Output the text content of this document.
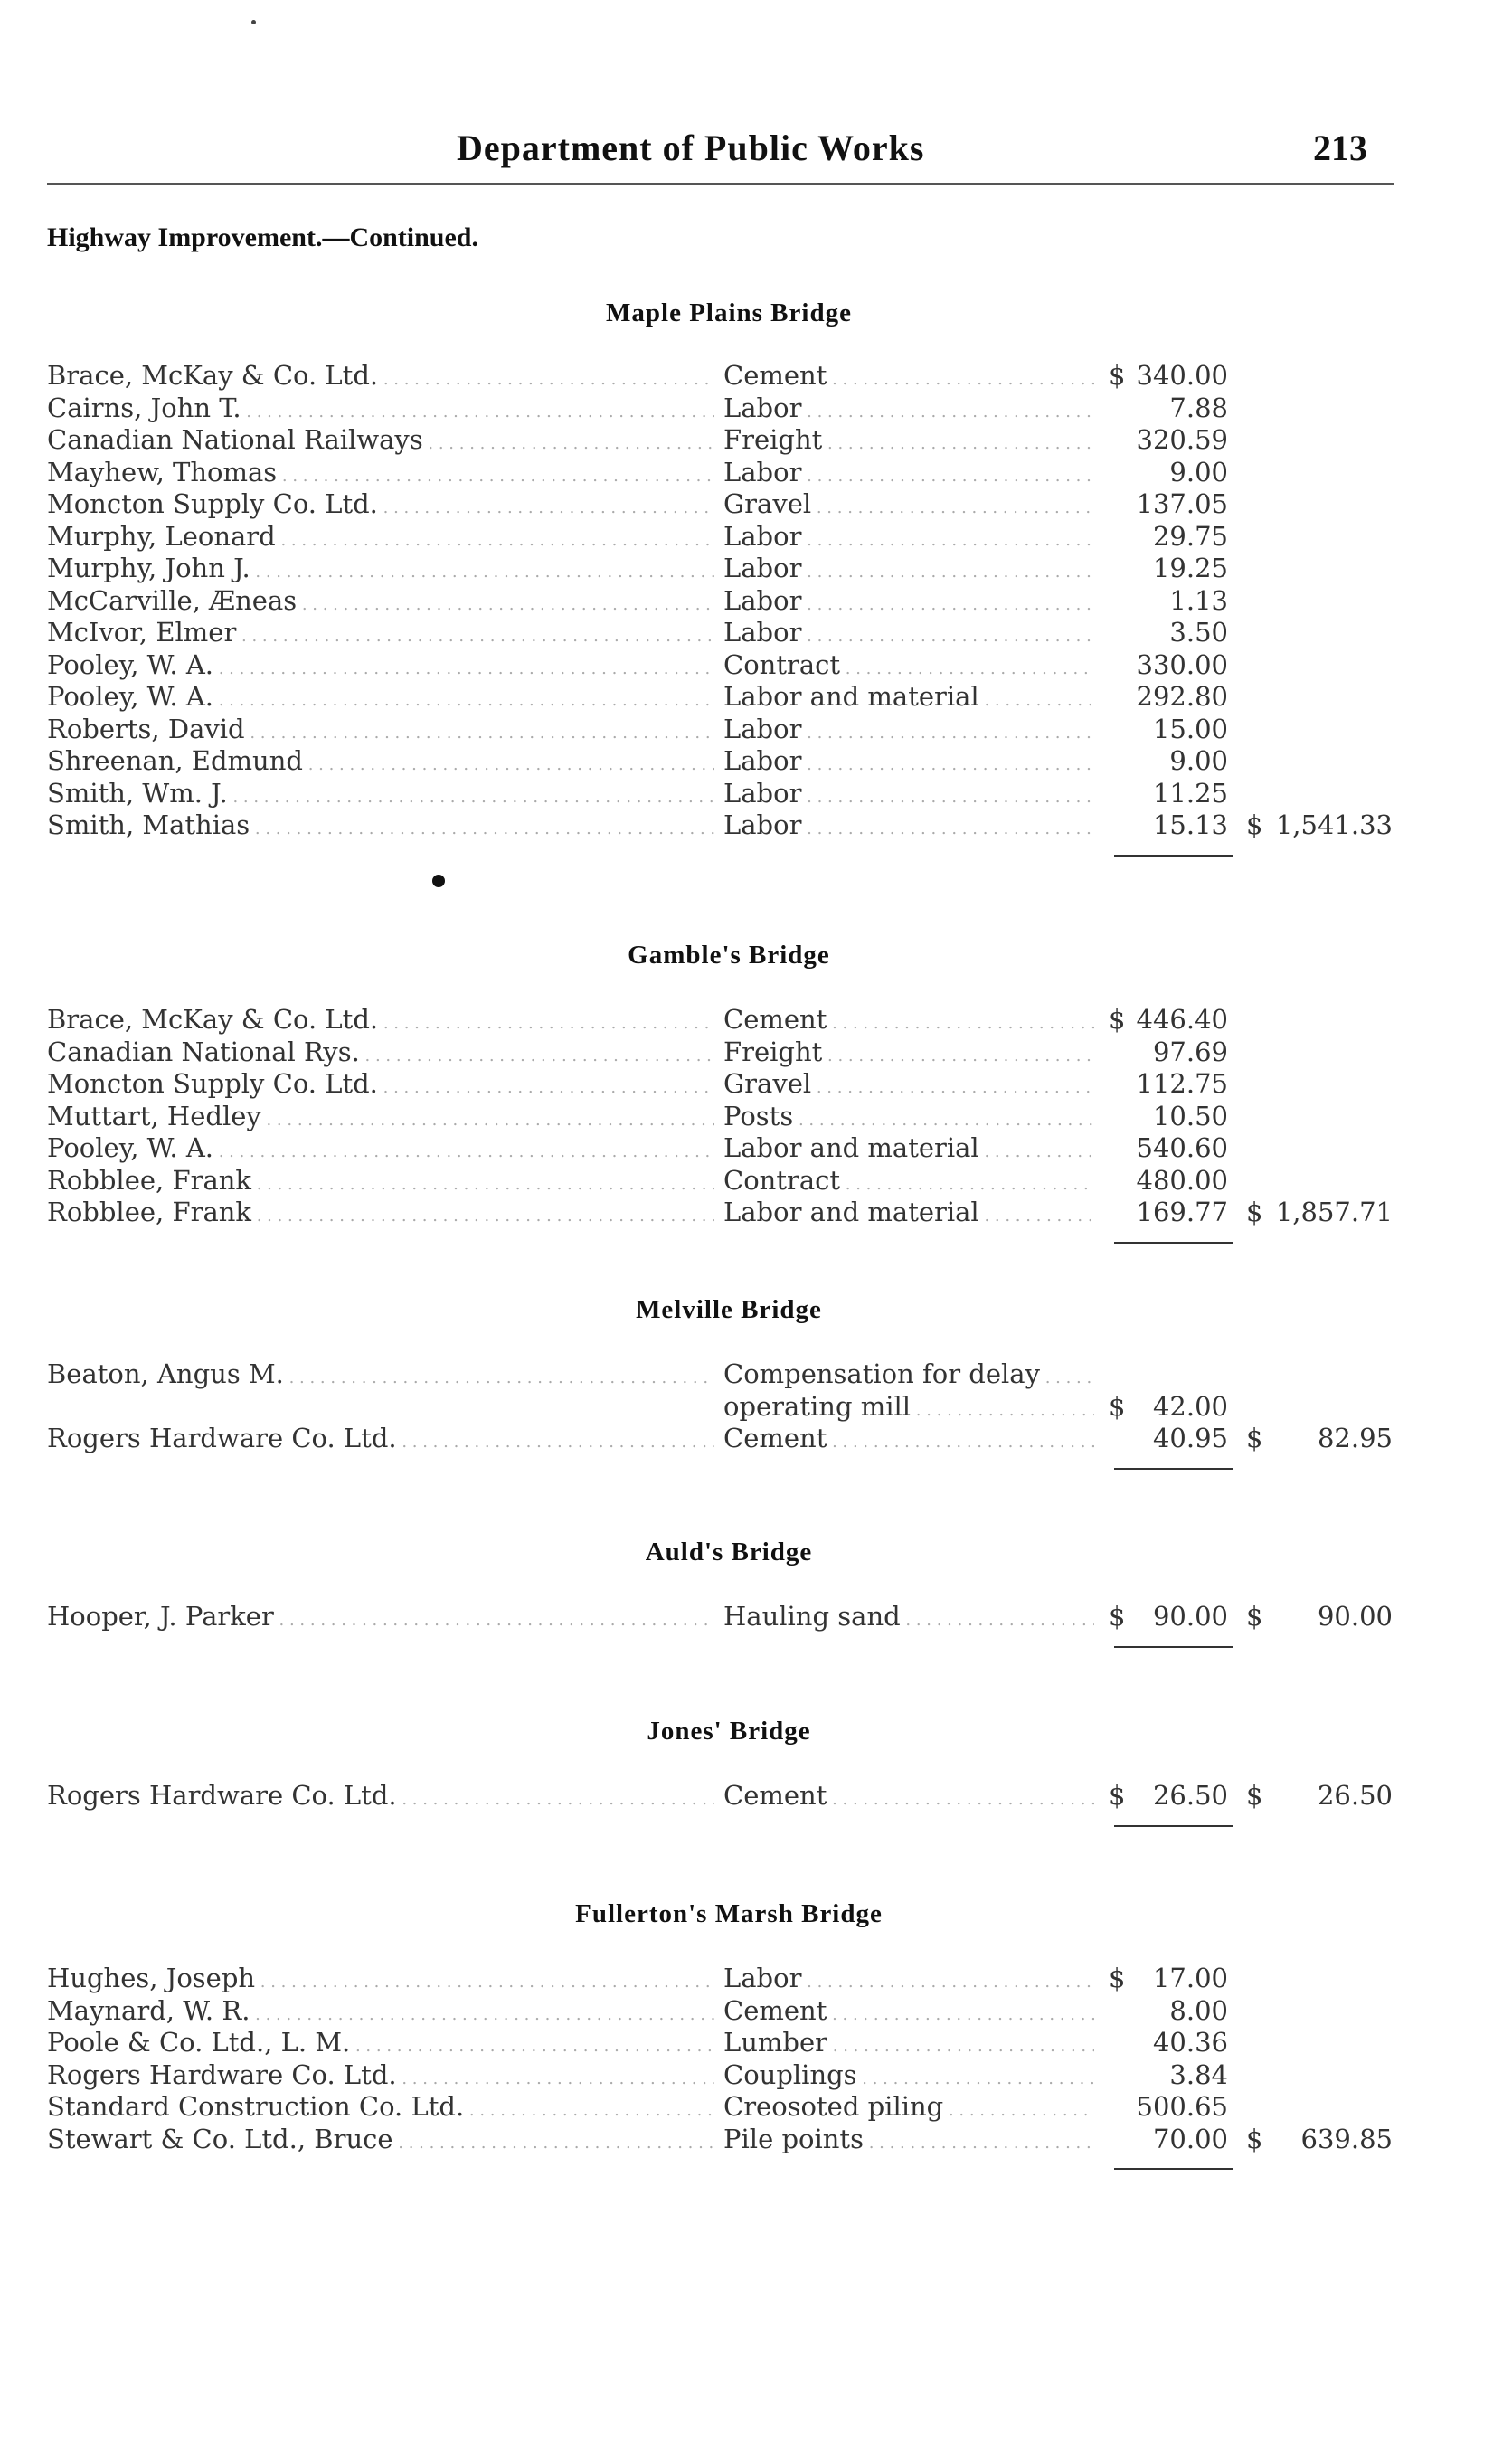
Department of Public Works	213
Highway Improvement.—Continued.
Maple Plains Bridge
Brace, McKay & Co. Ltd. . . .	Cement . . .	$ 340.00
Cairns, John T. . . .	Labor . . .	7.88
Canadian National Railways . . .	Freight . . .	320.59
Mayhew, Thomas . . .	Labor . . .	9.00
Moncton Supply Co. Ltd. . . .	Gravel . . .	137.05
Murphy, Leonard . . .	Labor . . .	29.75
Murphy, John J. . . .	Labor . . .	19.25
McCarville, Æneas . . .	Labor . . .	1.13
McIvor, Elmer . . .	Labor . . .	3.50
Pooley, W. A. . . .	Contract . . .	330.00
Pooley, W. A. . . .	Labor and material . . .	292.80
Roberts, David . . .	Labor . . .	15.00
Shreenan, Edmund . . .	Labor . . .	9.00
Smith, Wm. J. . . .	Labor . . .	11.25
Smith, Mathias . . .	Labor . . .	15.13 $ 1,541.33
Gamble's Bridge
Brace, McKay & Co. Ltd. . . .	Cement . . .	$ 446.40
Canadian National Rys. . . .	Freight . . .	97.69
Moncton Supply Co. Ltd. . . .	Gravel . . .	112.75
Muttart, Hedley . . .	Posts . . .	10.50
Pooley, W. A. . . .	Labor and material . . .	540.60
Robblee, Frank . . .	Contract . . .	480.00
Robblee, Frank . . .	Labor and material . . .	169.77 $ 1,857.71
Melville Bridge
Beaton, Angus M. . . .	Compensation for delay . . .
operating mill . . .	$	42.00
Rogers Hardware Co. Ltd. . . .	Cement . . .	40.95 $	82.95
Auld's Bridge
Hooper, J. Parker . . .	Hauling sand . . .	$	90.00 $	90.00
Jones' Bridge
Rogers Hardware Co. Ltd. . . .	Cement . . .	$	26.50 $	26.50
Fullerton's Marsh Bridge
Hughes, Joseph . . .	Labor . . .	$	17.00
Maynard, W. R. . . .	Cement . . .	8.00
Poole & Co. Ltd., L. M. . . .	Lumber . . .	40.36
Rogers Hardware Co. Ltd. . . .	Couplings . . .	3.84
Standard Construction Co. Ltd. . . .	Creosoted piling . . .	500.65
Stewart & Co. Ltd., Bruce . . .	Pile points . . .	70.00 $	639.85
